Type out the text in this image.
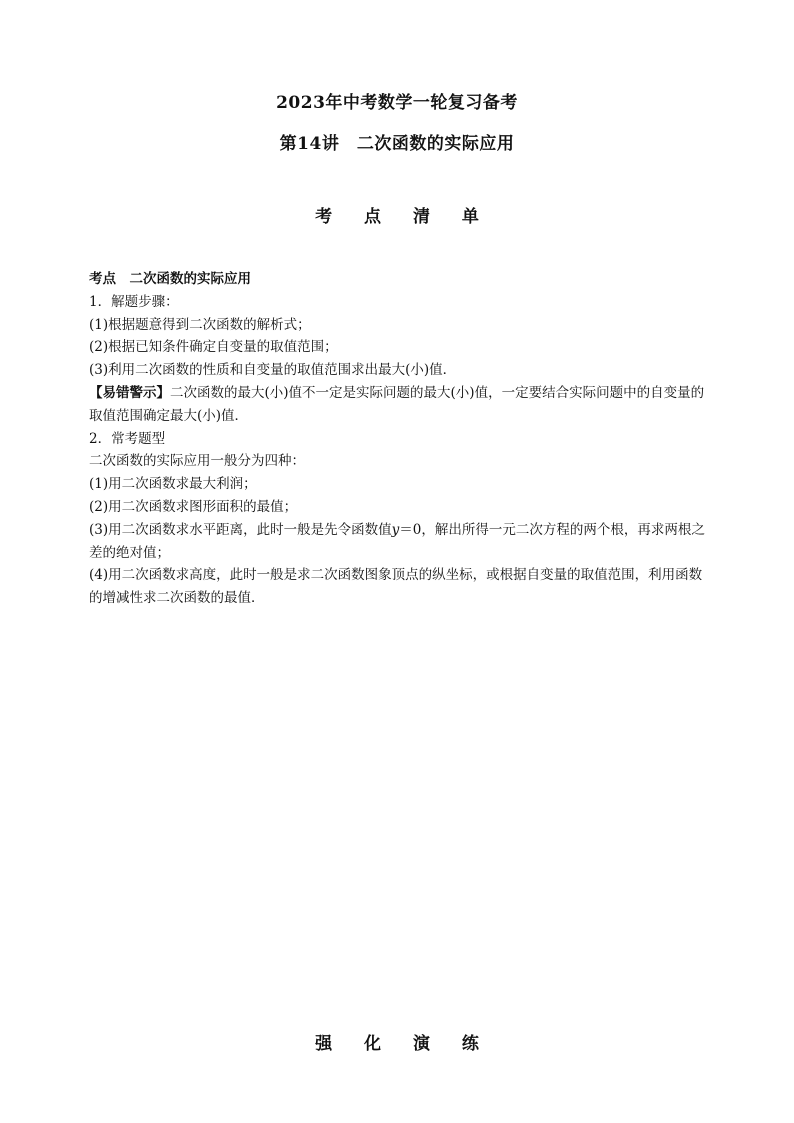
2023年中考数学一轮复习备考
第14讲　二次函数的实际应用
考 点 清 单
考点　二次函数的实际应用
1．解题步骤：
(1)根据题意得到二次函数的解析式；
(2)根据已知条件确定自变量的取值范围；
(3)利用二次函数的性质和自变量的取值范围求出最大(小)值．
【易错警示】二次函数的最大(小)值不一定是实际问题的最大(小)值，一定要结合实际问题中的自变量的取值范围确定最大(小)值．
2．常考题型
二次函数的实际应用一般分为四种：
(1)用二次函数求最大利润；
(2)用二次函数求图形面积的最值；
(3)用二次函数求水平距离，此时一般是先令函数值y＝0，解出所得一元二次方程的两个根，再求两根之差的绝对值；
(4)用二次函数求高度，此时一般是求二次函数图象顶点的纵坐标，或根据自变量的取值范围，利用函数的增减性求二次函数的最值．
强 化 演 练
